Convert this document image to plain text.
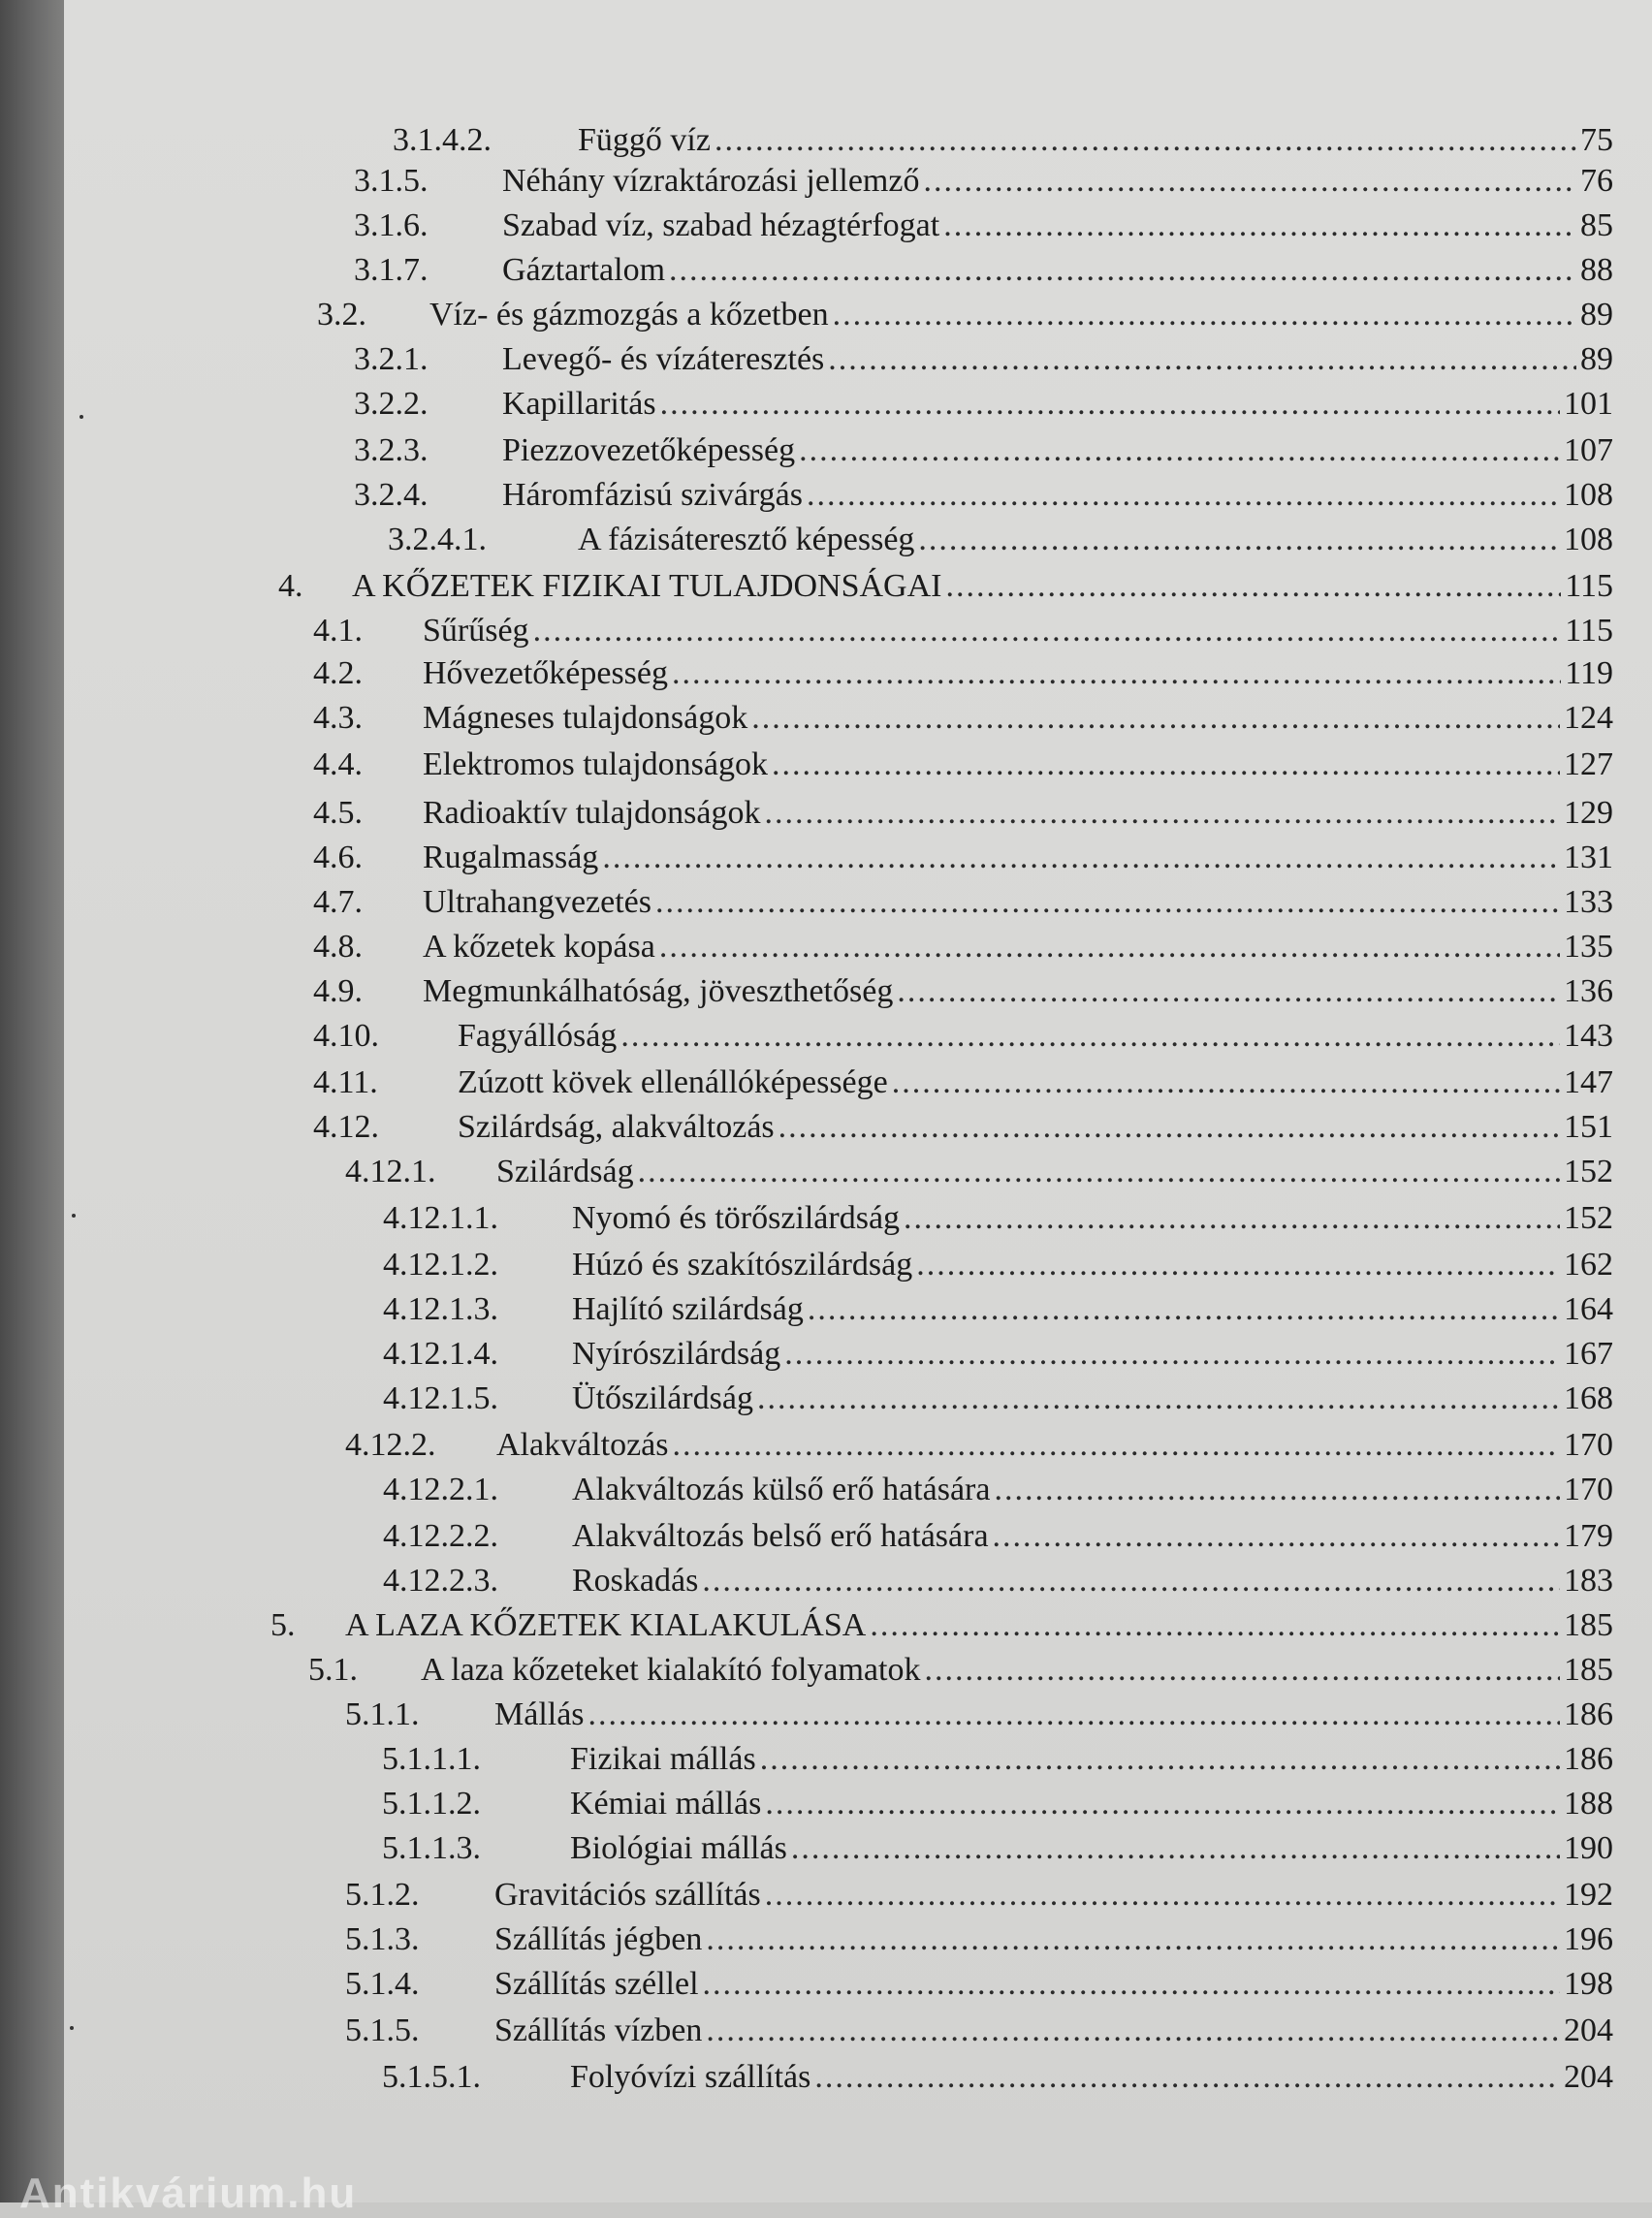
3.1.4.2.	Függő víz .....	75
3.1.5.	Néhány vízraktározási jellemző .....	76
3.1.6.	Szabad víz, szabad hézagtérfogat .....	85
3.1.7.	Gáztartalom .....	88
3.2.	Víz- és gázmozgás a kőzetben .....	89
3.2.1.	Levegő- és vízáteresztés .....	89
3.2.2.	Kapillaritás .....	101
3.2.3.	Piezzovezetőképesség .....	107
3.2.4.	Háromfázisú szivárgás .....	108
3.2.4.1.	A fázisáteresztő képesség .....	108
4.	A KŐZETEK FIZIKAI TULAJDONSÁGAI .....	115
4.1.	Sűrűség .....	115
4.2.	Hővezetőképesség .....	119
4.3.	Mágneses tulajdonságok .....	124
4.4.	Elektromos tulajdonságok .....	127
4.5.	Radioaktív tulajdonságok .....	129
4.6.	Rugalmasság .....	131
4.7.	Ultrahangvezetés .....	133
4.8.	A kőzetek kopása .....	135
4.9.	Megmunkálhatóság, jöveszthetőség .....	136
4.10.	Fagyállóság .....	143
4.11.	Zúzott kövek ellenállóképessége .....	147
4.12.	Szilárdság, alakváltozás .....	151
4.12.1.	Szilárdság .....	152
4.12.1.1.	Nyomó és törőszilárdság .....	152
4.12.1.2.	Húzó és szakítószilárdság .....	162
4.12.1.3.	Hajlító szilárdság .....	164
4.12.1.4.	Nyírószilárdság .....	167
4.12.1.5.	Ütőszilárdság .....	168
4.12.2.	Alakváltozás .....	170
4.12.2.1.	Alakváltozás külső erő hatására .....	170
4.12.2.2.	Alakváltozás belső erő hatására .....	179
4.12.2.3.	Roskadás .....	183
5.	A LAZA KŐZETEK KIALAKULÁSA .....	185
5.1.	A laza kőzeteket kialakító folyamatok .....	185
5.1.1.	Mállás .....	186
5.1.1.1.	Fizikai mállás .....	186
5.1.1.2.	Kémiai mállás .....	188
5.1.1.3.	Biológiai mállás .....	190
5.1.2.	Gravitációs szállítás .....	192
5.1.3.	Szállítás jégben .....	196
5.1.4.	Szállítás széllel .....	198
5.1.5.	Szállítás vízben .....	204
5.1.5.1.	Folyóvízi szállítás .....	204
Antikvárium.hu
